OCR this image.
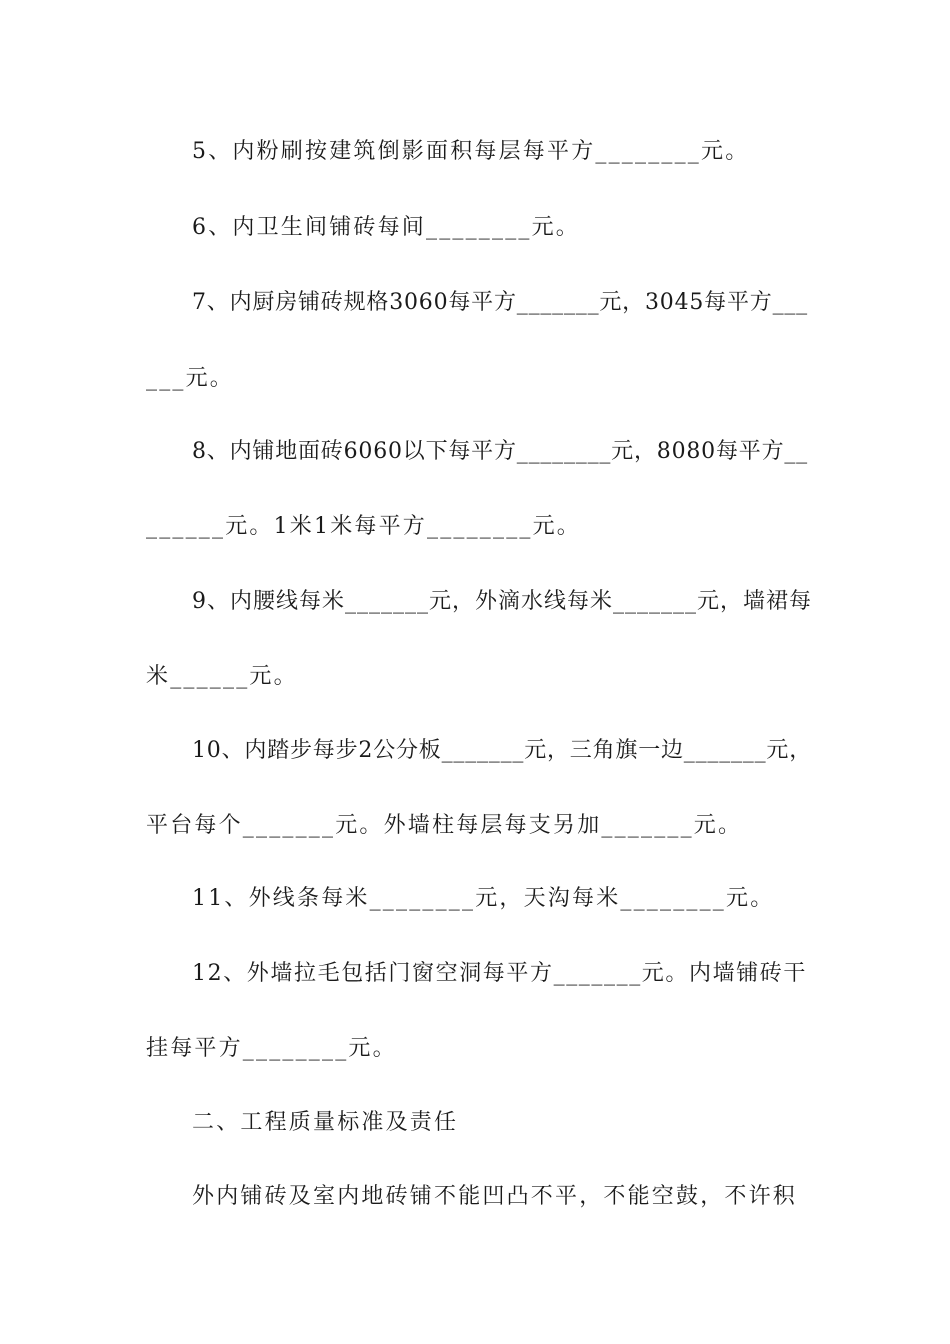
5、内粉刷按建筑倒影面积每层每平方________元。
6、内卫生间铺砖每间________元。
7、内厨房铺砖规格3060每平方_______元，3045每平方___
___元。
8、内铺地面砖6060以下每平方________元，8080每平方__
______元。1米1米每平方________元。
9、内腰线每米_______元，外滴水线每米_______元，墙裙每
米______元。
10、内踏步每步2公分板_______元，三角旗一边_______元，
平台每个_______元。外墙柱每层每支另加_______元。
11、外线条每米________元，天沟每米________元。
12、外墙拉毛包括门窗空洞每平方_______元。内墙铺砖干
挂每平方________元。
二、工程质量标准及责任
外内铺砖及室内地砖铺不能凹凸不平，不能空鼓，不许积
